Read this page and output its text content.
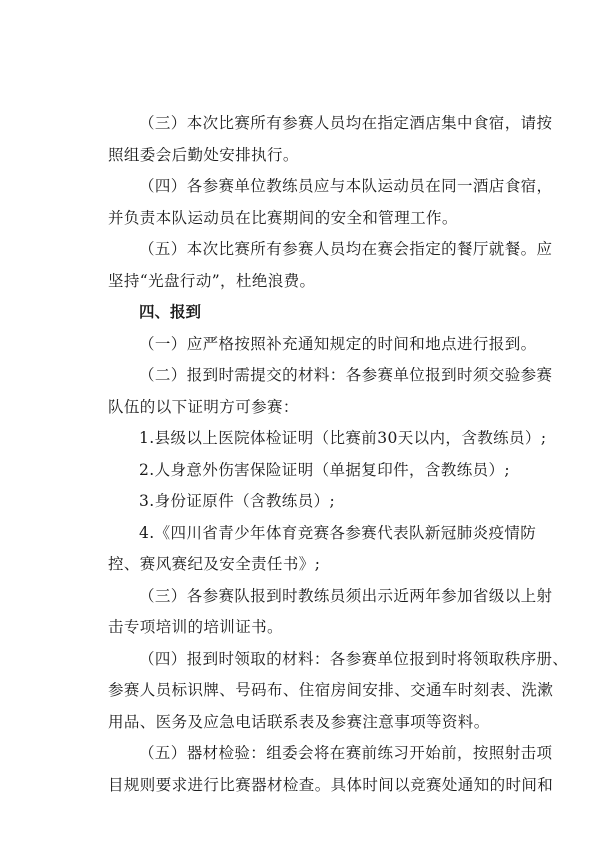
（三）本次比赛所有参赛人员均在指定酒店集中食宿，请按
照组委会后勤处安排执行。

（四）各参赛单位教练员应与本队运动员在同一酒店食宿，
并负责本队运动员在比赛期间的安全和管理工作。

（五）本次比赛所有参赛人员均在赛会指定的餐厅就餐。应
坚持“光盘行动”，杜绝浪费。

四、报到

（一）应严格按照补充通知规定的时间和地点进行报到。

（二）报到时需提交的材料：各参赛单位报到时须交验参赛
队伍的以下证明方可参赛：

1.县级以上医院体检证明（比赛前30天以内，含教练员）;

2.人身意外伤害保险证明（单据复印件，含教练员）;

3.身份证原件（含教练员）;

4.《四川省青少年体育竞赛各参赛代表队新冠肺炎疫情防
控、赛风赛纪及安全责任书》;

（三）各参赛队报到时教练员须出示近两年参加省级以上射
击专项培训的培训证书。

（四）报到时领取的材料：各参赛单位报到时将领取秩序册、
参赛人员标识牌、号码布、住宿房间安排、交通车时刻表、洗漱
用品、医务及应急电话联系表及参赛注意事项等资料。

（五）器材检验：组委会将在赛前练习开始前，按照射击项
目规则要求进行比赛器材检查。具体时间以竞赛处通知的时间和
